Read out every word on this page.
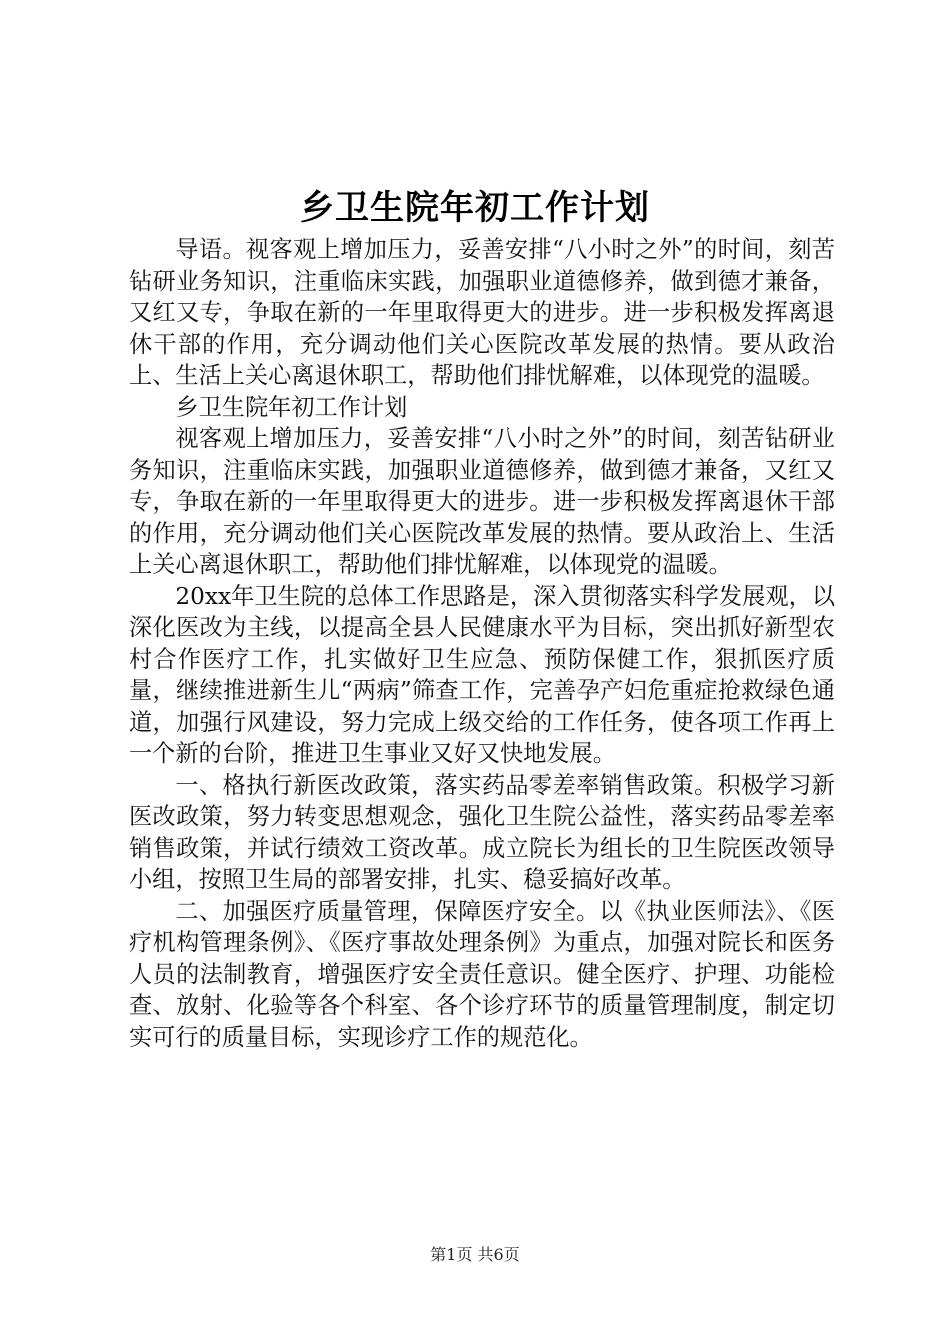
乡卫生院年初工作计划

导语。视客观上增加压力，妥善安排“八小时之外”的时间，刻苦钻研业务知识，注重临床实践，加强职业道德修养，做到德才兼备，又红又专，争取在新的一年里取得更大的进步。进一步积极发挥离退休干部的作用，充分调动他们关心医院改革发展的热情。要从政治上、生活上关心离退休职工，帮助他们排忧解难，以体现党的温暖。

乡卫生院年初工作计划

视客观上增加压力，妥善安排“八小时之外”的时间，刻苦钻研业务知识，注重临床实践，加强职业道德修养，做到德才兼备，又红又专，争取在新的一年里取得更大的进步。进一步积极发挥离退休干部的作用，充分调动他们关心医院改革发展的热情。要从政治上、生活上关心离退休职工，帮助他们排忧解难，以体现党的温暖。

20xx年卫生院的总体工作思路是，深入贯彻落实科学发展观，以深化医改为主线，以提高全县人民健康水平为目标，突出抓好新型农村合作医疗工作，扎实做好卫生应急、预防保健工作，狠抓医疗质量，继续推进新生儿“两病”筛查工作，完善孕产妇危重症抢救绿色通道，加强行风建设，努力完成上级交给的工作任务，使各项工作再上一个新的台阶，推进卫生事业又好又快地发展。

一、格执行新医改政策，落实药品零差率销售政策。积极学习新医改政策，努力转变思想观念，强化卫生院公益性，落实药品零差率销售政策，并试行绩效工资改革。成立院长为组长的卫生院医改领导小组，按照卫生局的部署安排，扎实、稳妥搞好改革。

二、加强医疗质量管理，保障医疗安全。以《执业医师法》、《医疗机构管理条例》、《医疗事故处理条例》为重点，加强对院长和医务人员的法制教育，增强医疗安全责任意识。健全医疗、护理、功能检查、放射、化验等各个科室、各个诊疗环节的质量管理制度，制定切实可行的质量目标，实现诊疗工作的规范化。

第1页 共6页
